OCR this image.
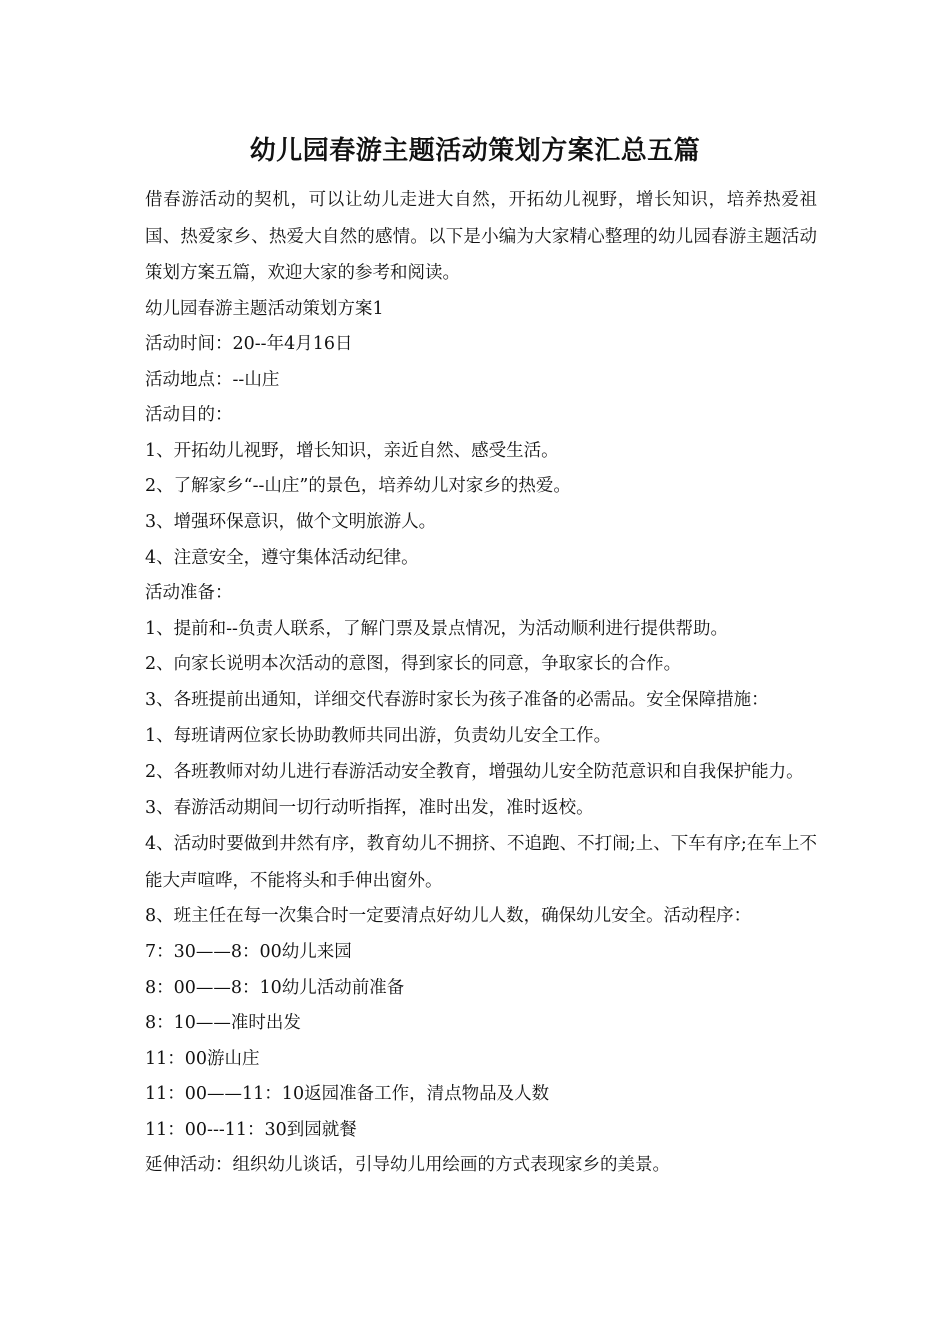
幼儿园春游主题活动策划方案汇总五篇

借春游活动的契机，可以让幼儿走进大自然，开拓幼儿视野，增长知识，培养热爱祖国、热爱家乡、热爱大自然的感情。以下是小编为大家精心整理的幼儿园春游主题活动策划方案五篇，欢迎大家的参考和阅读。

幼儿园春游主题活动策划方案1

活动时间：20--年4月16日

活动地点：--山庄

活动目的：

1、开拓幼儿视野，增长知识，亲近自然、感受生活。

2、了解家乡“--山庄”的景色，培养幼儿对家乡的热爱。

3、增强环保意识，做个文明旅游人。

4、注意安全，遵守集体活动纪律。

活动准备：

1、提前和--负责人联系，了解门票及景点情况，为活动顺利进行提供帮助。

2、向家长说明本次活动的意图，得到家长的同意，争取家长的合作。

3、各班提前出通知，详细交代春游时家长为孩子准备的必需品。安全保障措施：

1、每班请两位家长协助教师共同出游，负责幼儿安全工作。

2、各班教师对幼儿进行春游活动安全教育，增强幼儿安全防范意识和自我保护能力。

3、春游活动期间一切行动听指挥，准时出发，准时返校。

4、活动时要做到井然有序，教育幼儿不拥挤、不追跑、不打闹;上、下车有序;在车上不能大声喧哗，不能将头和手伸出窗外。

8、班主任在每一次集合时一定要清点好幼儿人数，确保幼儿安全。活动程序：

7：30——8：00幼儿来园

8：00——8：10幼儿活动前准备

8：10——准时出发

11：00游山庄

11：00——11：10返园准备工作，清点物品及人数

11：00---11：30到园就餐

延伸活动：组织幼儿谈话，引导幼儿用绘画的方式表现家乡的美景。
